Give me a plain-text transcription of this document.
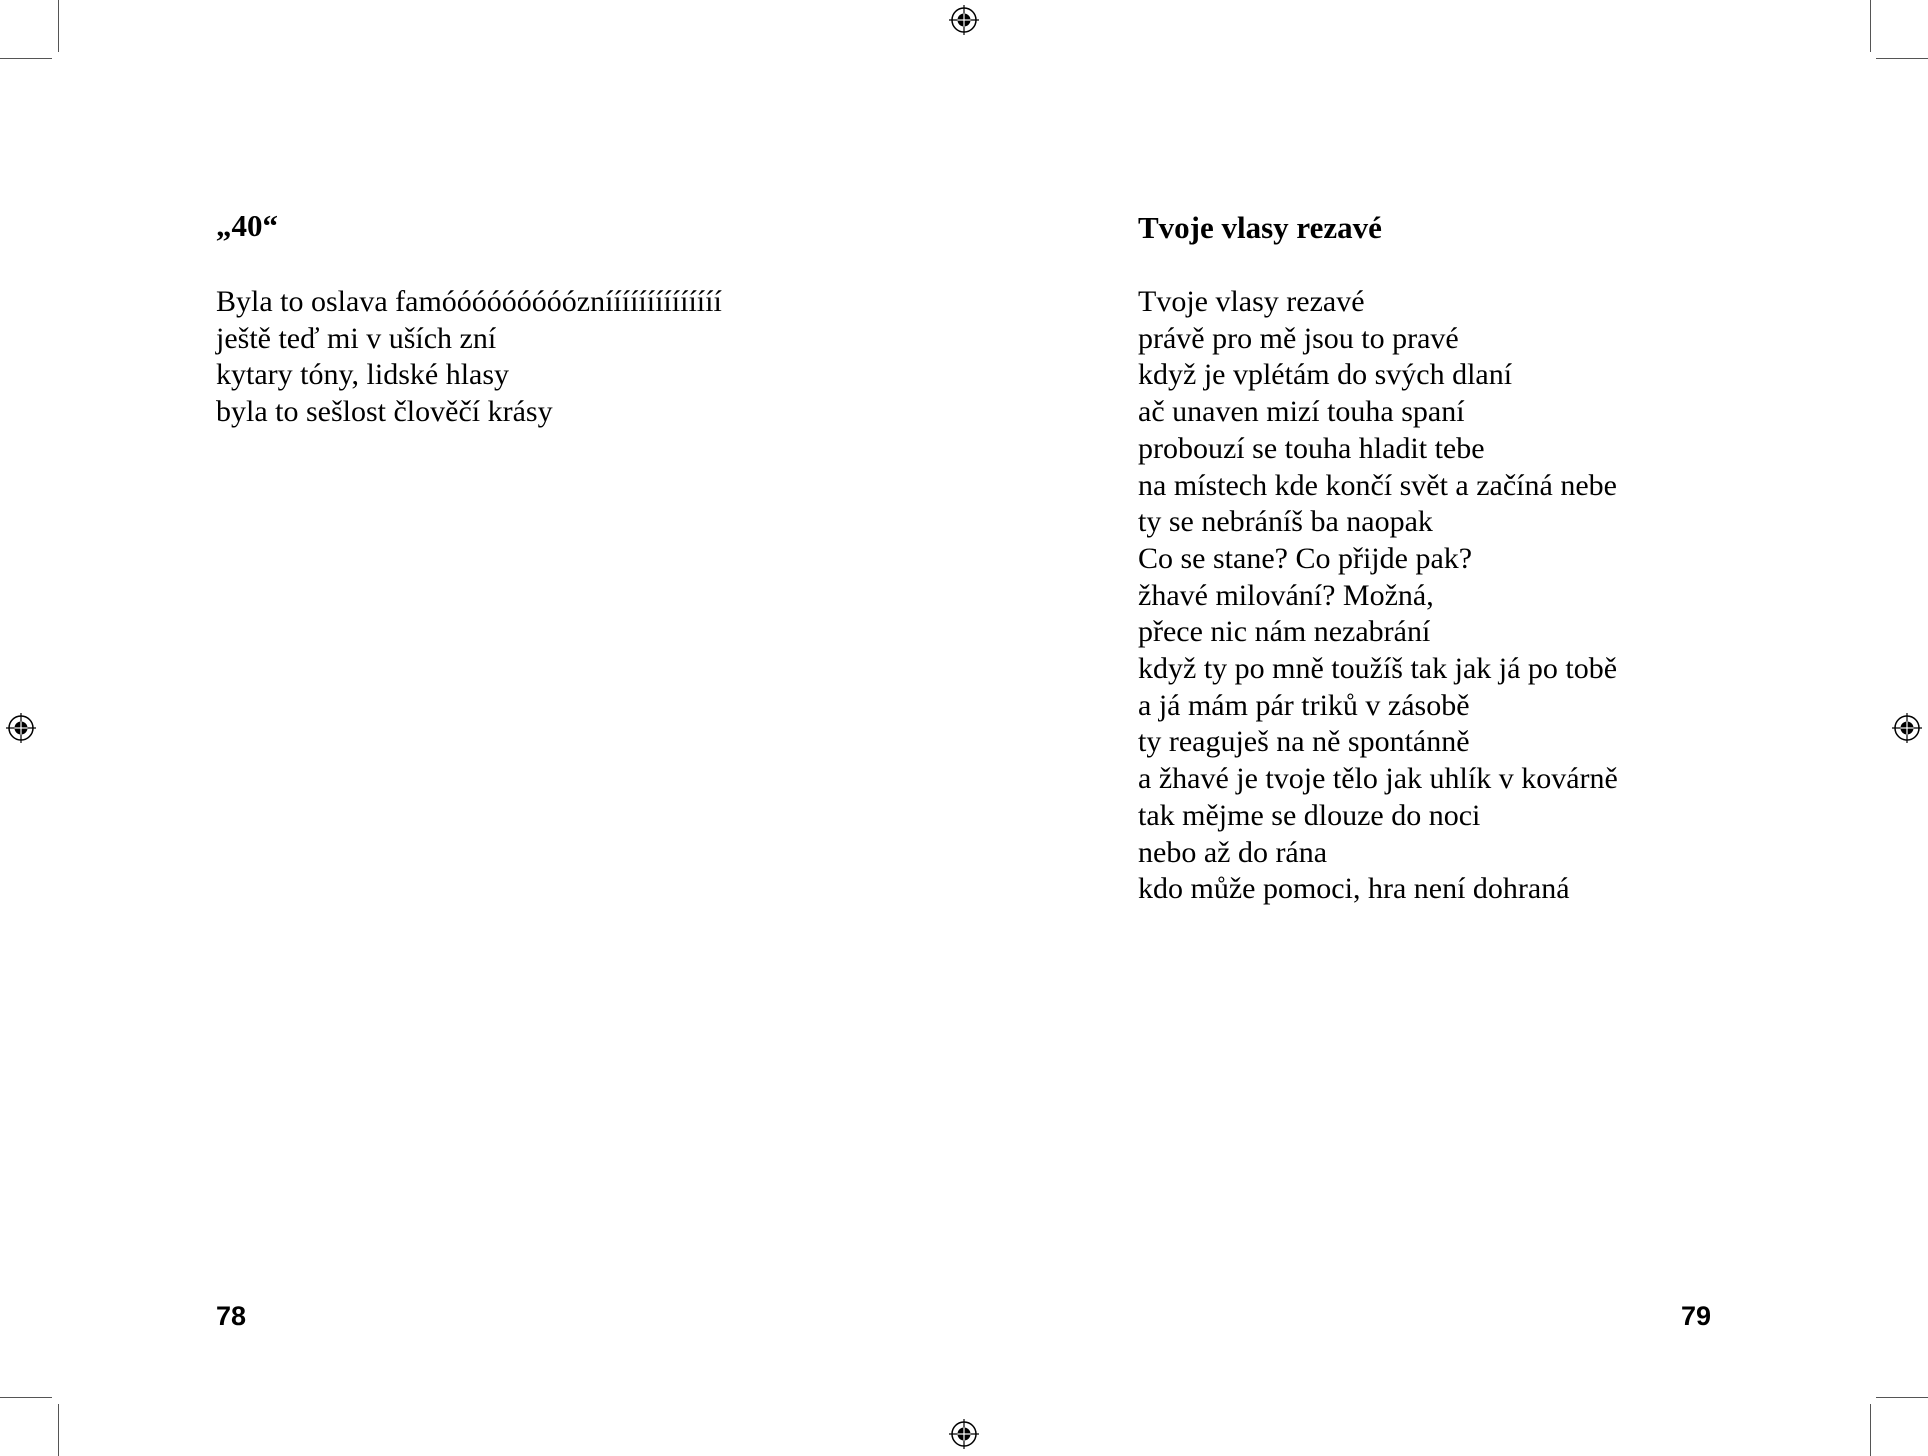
„40“
Byla to oslava famóóóóóóóóózníííííííííííííí
ještě teď mi v uších zní
kytary tóny, lidské hlasy
byla to sešlost člověčí krásy
78
Tvoje vlasy rezavé
Tvoje vlasy rezavé
právě pro mě jsou to pravé
když je vplétám do svých dlaní
ač unaven mizí touha spaní
probouzí se touha hladit tebe
na místech kde končí svět a začíná nebe
ty se nebráníš ba naopak
Co se stane? Co přijde pak?
žhavé milování? Možná,
přece nic nám nezabrání
když ty po mně toužíš tak jak já po tobě
a já mám pár triků v zásobě
ty reaguješ na ně spontánně
a žhavé je tvoje tělo jak uhlík v kovárně
tak mějme se dlouze do noci
nebo až do rána
kdo může pomoci, hra není dohraná
79
